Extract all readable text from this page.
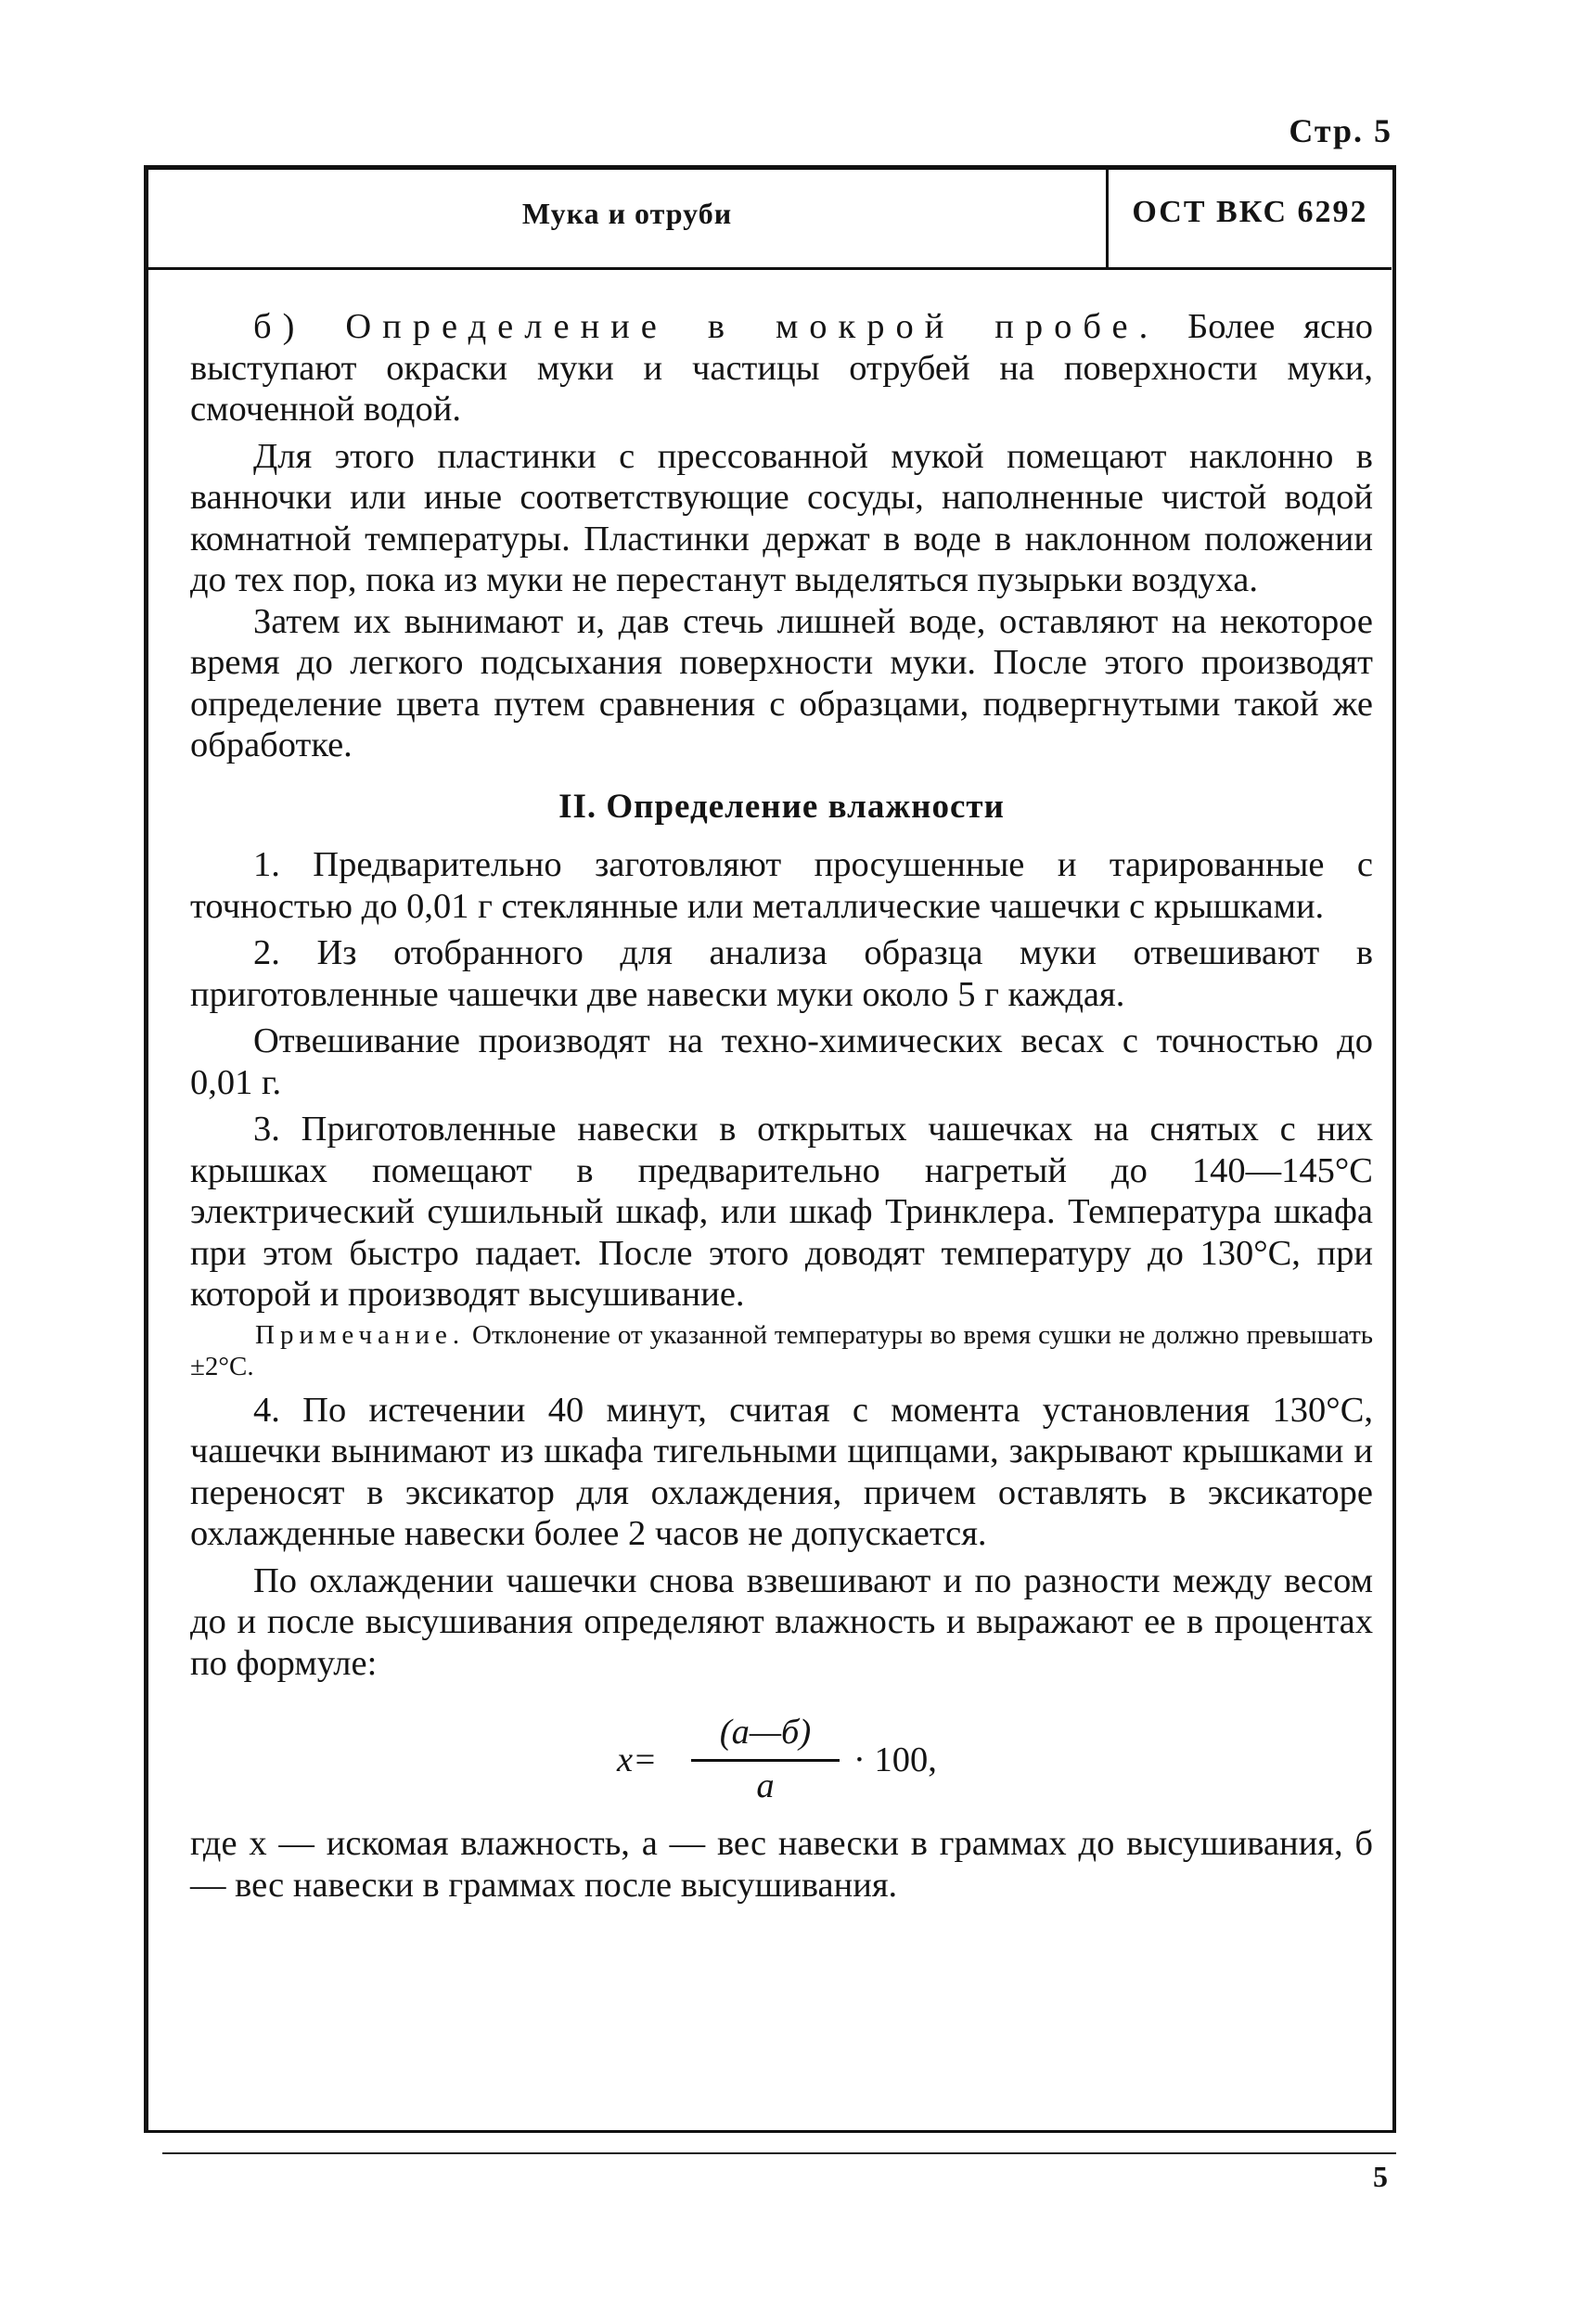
Стр. 5
Мука и отруби	ОСТ ВКС 6292

б) Определение в мокрой пробе. Более ясно выступают окраски муки и частицы отрубей на поверхности муки, смоченной водой.

Для этого пластинки с прессованной мукой помещают наклонно в ванночки или иные соответствующие сосуды, наполненные чистой водой комнатной температуры. Пластинки держат в воде в наклонном положении до тех пор, пока из муки не перестанут выделяться пузырьки воздуха.

Затем их вынимают и, дав стечь лишней воде, оставляют на некоторое время до легкого подсыхания поверхности муки. После этого производят определение цвета путем сравнения с образцами, подвергнутыми такой же обработке.

II. Определение влажности

1. Предварительно заготовляют просушенные и тарированные с точностью до 0,01 г стеклянные или металлические чашечки с крышками.

2. Из отобранного для анализа образца муки отвешивают в приготовленные чашечки две навески муки около 5 г каждая.

Отвешивание производят на техно-химических весах с точностью до 0,01 г.

3. Приготовленные навески в открытых чашечках на снятых с них крышках помещают в предварительно нагретый до 140—145°С электрический сушильный шкаф, или шкаф Тринклера. Температура шкафа при этом быстро падает. После этого доводят температуру до 130°С, при которой и производят высушивание.

Примечание. Отклонение от указанной температуры во время сушки не должно превышать ±2°С.

4. По истечении 40 минут, считая с момента установления 130°С, чашечки вынимают из шкафа тигельными щипцами, закрывают крышками и переносят в эксикатор для охлаждения, причем оставлять в эксикаторе охлажденные навески более 2 часов не допускается.

По охлаждении чашечки снова взвешивают и по разности между весом до и после высушивания определяют влажность и выражают ее в процентах по формуле:

x=
(a—б)
a
· 100,

где x — искомая влажность, a — вес навески в граммах до высушивания, б — вес навески в граммах после высушивания.

5
